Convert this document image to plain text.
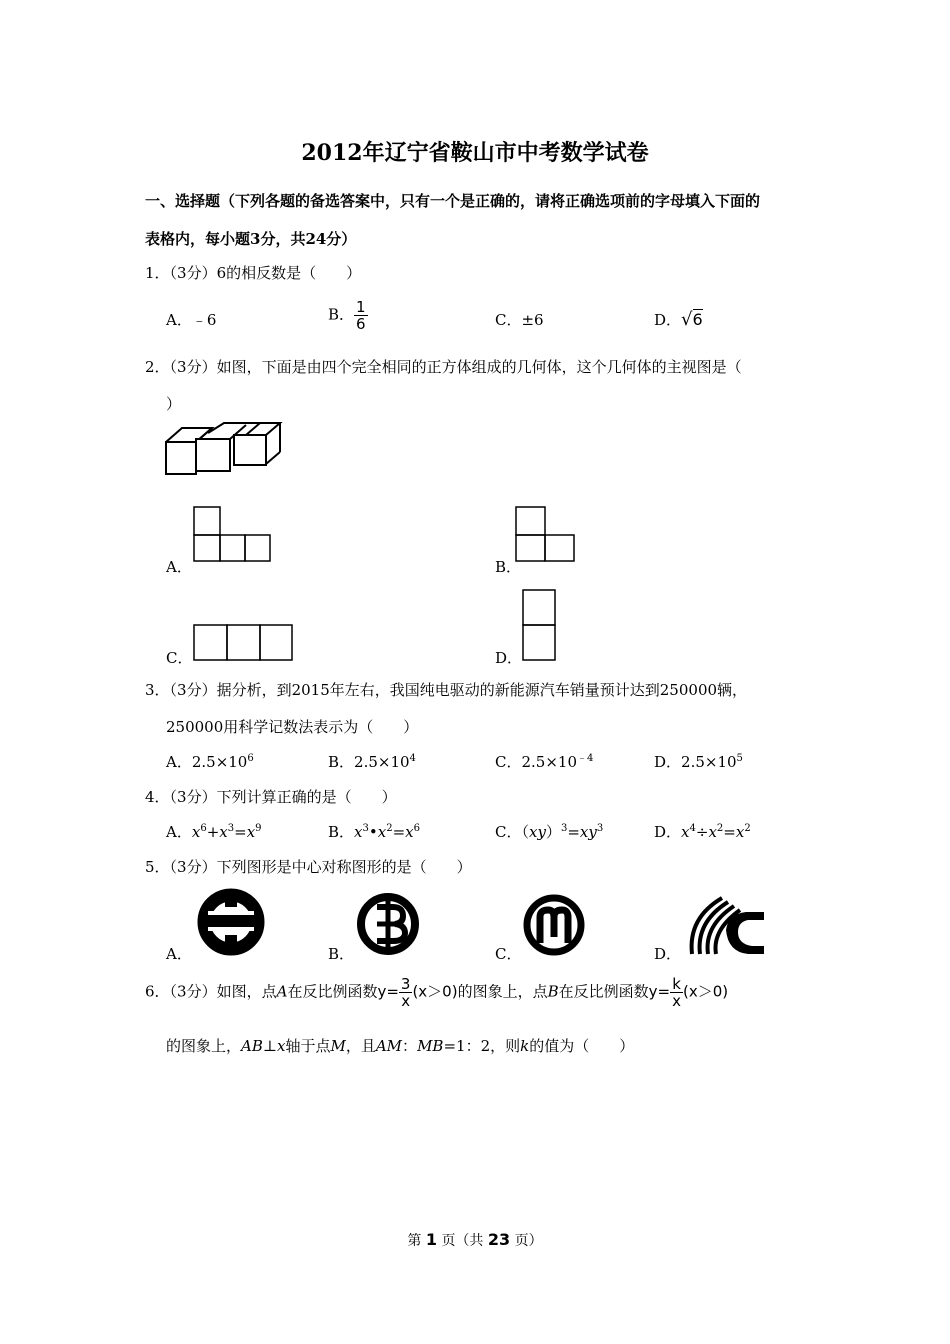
2012年辽宁省鞍山市中考数学试卷
一、选择题（下列各题的备选答案中，只有一个是正确的，请将正确选项前的字母填入下面的
表格内，每小题3分，共24分）
1．（3分）6的相反数是（　　）
A．﹣6	B． $\frac{1}{6}$	C．±6	D．√6
2．（3分）如图，下面是由四个完全相同的正方体组成的几何体，这个几何体的主视图是（
）
A．	B．
C．	D．
3．（3分）据分析，到2015年左右，我国纯电驱动的新能源汽车销量预计达到250000辆，
250000用科学记数法表示为（　　）
A．$2.5\times 10^6$	B．$2.5\times 10^4$	C．$2.5\times 10^{﹣4}$	D．$2.5\times 10^5$
4．（3分）下列计算正确的是（　　）
A．$x^6+x^3=x^9$	B．$x^3•x^2=x^6$	C．$(xy)^3=xy^3$	D．$x^4\div x^2=x^2$
5．（3分）下列图形是中心对称图形的是（　　）
A．	B．	C．	D．
6．（3分）如图，点A在反比例函数$y= \frac{3}{x} (x>0)$的图象上，点B在反比例函数$y= \frac{k}{x} (x>0)$
的图象上，AB⊥x轴于点M，且AM：MB=1：2，则k的值为（　　）
第 1 页（共 23 页）
